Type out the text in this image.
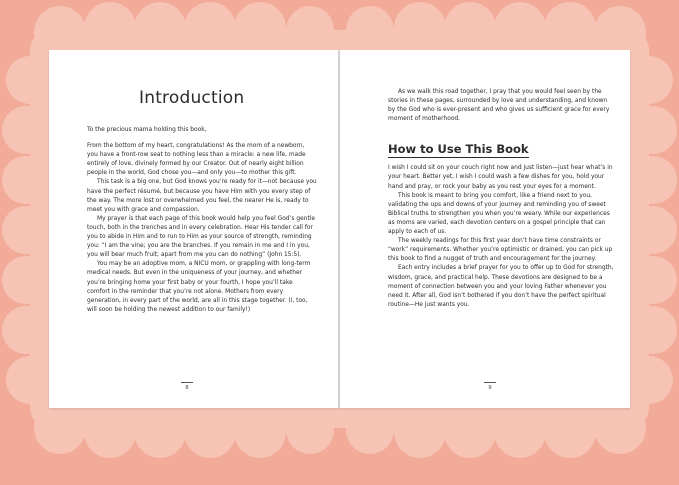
Introduction

To the precious mama holding this book,

From the bottom of my heart, congratulations! As the mom of a newborn, you have a front-row seat to nothing less than a miracle: a new life, made entirely of love, divinely formed by our Creator. Out of nearly eight billion people in the world, God chose you—and only you—to mother this gift.

This task is a big one, but God knows you’re ready for it—not because you have the perfect résumé, but because you have Him with you every step of the way. The more lost or overwhelmed you feel, the nearer He is, ready to meet you with grace and compassion.

My prayer is that each page of this book would help you feel God’s gentle touch, both in the trenches and in every celebration. Hear His tender call for you to abide in Him and to run to Him as your source of strength, reminding you: “I am the vine; you are the branches. If you remain in me and I in you, you will bear much fruit; apart from me you can do nothing” (John 15:5).

You may be an adoptive mom, a NICU mom, or grappling with long-term medical needs. But even in the uniqueness of your journey, and whether you’re bringing home your first baby or your fourth, I hope you’ll take comfort in the reminder that you’re not alone. Mothers from every generation, in every part of the world, are all in this stage together. (I, too, will soon be holding the newest addition to our family!)

8

As we walk this road together, I pray that you would feel seen by the stories in these pages, surrounded by love and understanding, and known by the God who is ever-present and who gives us sufficient grace for every moment of motherhood.

How to Use This Book

I wish I could sit on your couch right now and just listen—just hear what’s in your heart. Better yet, I wish I could wash a few dishes for you, hold your hand and pray, or rock your baby as you rest your eyes for a moment.

This book is meant to bring you comfort, like a friend next to you, validating the ups and downs of your journey and reminding you of sweet Biblical truths to strengthen you when you’re weary. While our experiences as moms are varied, each devotion centers on a gospel principle that can apply to each of us.

The weekly readings for this first year don’t have time constraints or “work” requirements. Whether you’re optimistic or drained, you can pick up this book to find a nugget of truth and encouragement for the journey.

Each entry includes a brief prayer for you to offer up to God for strength, wisdom, grace, and practical help. These devotions are designed to be a moment of connection between you and your loving Father whenever you need it. After all, God isn’t bothered if you don’t have the perfect spiritual routine—He just wants you.

9
